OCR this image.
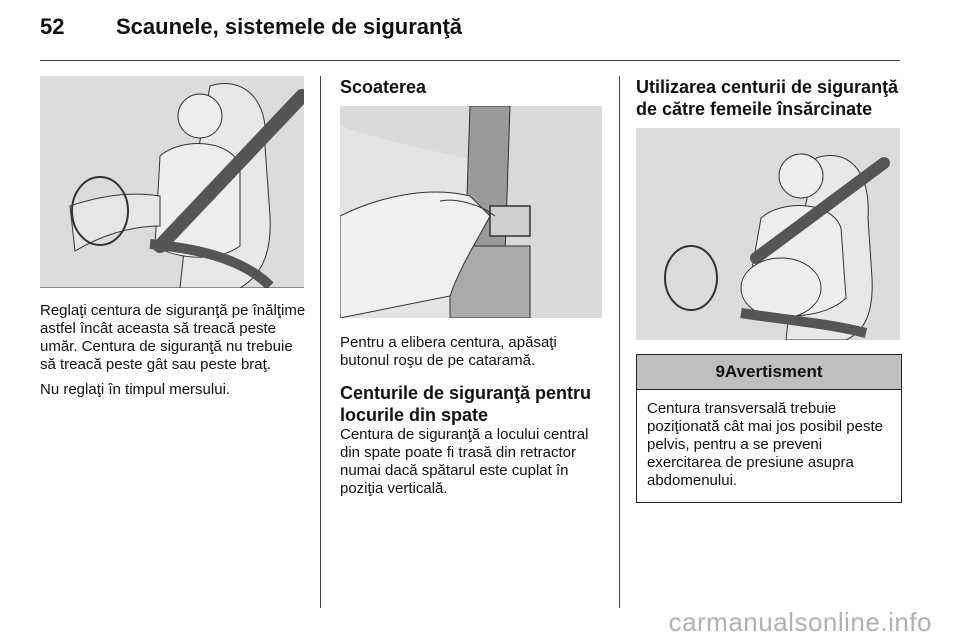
52 Scaunele, sistemele de siguranţă

Reglaţi centura de siguranţă pe înălţime astfel încât aceasta să treacă peste umăr. Centura de siguranţă nu trebuie să treacă peste gât sau peste braţ.

Nu reglaţi în timpul mersului.

Scoaterea

Pentru a elibera centura, apăsaţi butonul roşu de pe cataramă.

Centurile de siguranţă pentru locurile din spate

Centura de siguranţă a locului central din spate poate fi trasă din retractor numai dacă spătarul este cuplat în poziţia verticală.

Utilizarea centurii de siguranţă de către femeile însărcinate
9Avertisment
Centura transversală trebuie poziţionată cât mai jos posibil peste pelvis, pentru a se preveni exercitarea de presiune asupra abdomenului.
carmanualsonline.info
